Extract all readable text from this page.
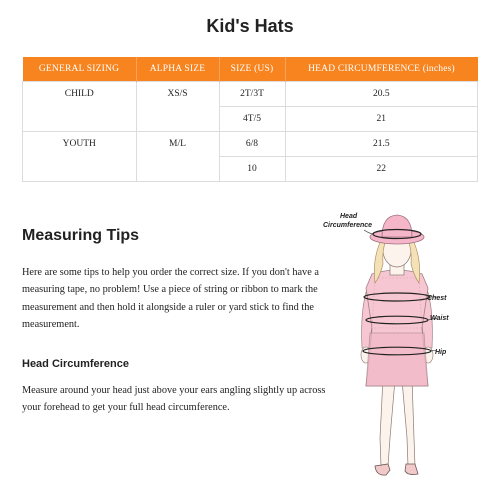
Kid's Hats
GENERAL SIZING	ALPHA SIZE	SIZE (US)	HEAD CIRCUMFERENCE (inches)
CHILD	XS/S	2T/3T	20.5
		4T/5	21
YOUTH	M/L	6/8	21.5
		10	22
Measuring Tips
Here are some tips to help you order the correct size. If you don't have a measuring tape, no problem! Use a piece of string or ribbon to mark the measurement and then hold it alongside a ruler or yard stick to find the measurement.
Head Circumference
Measure around your head just above your ears angling slightly up across your forehead to get your full head circumference.
Head
Circumference
Chest
Waist
Hip
